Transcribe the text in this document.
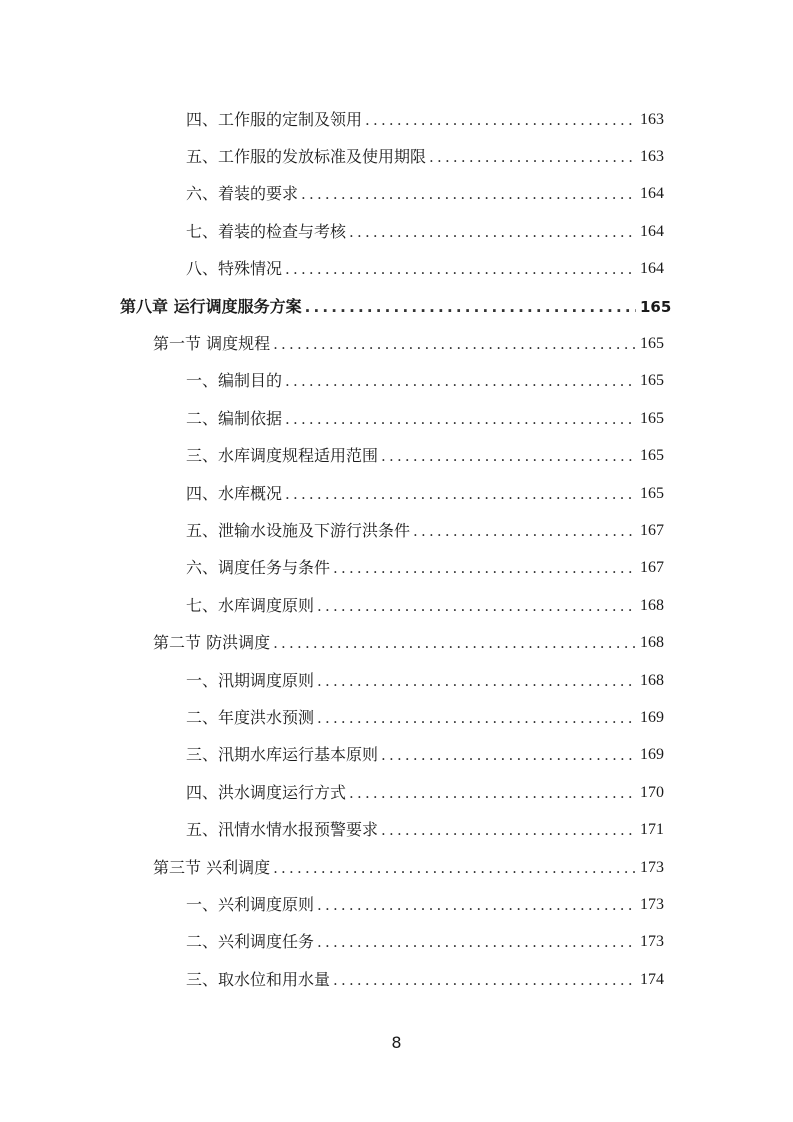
四、工作服的定制及领用 .....	163
五、工作服的发放标准及使用期限 .....	163
六、着装的要求 .....	164
七、着装的检查与考核 .....	164
八、特殊情况 .....	164
第八章 运行调度服务方案 .....	165
第一节 调度规程 .....	165
一、编制目的 .....	165
二、编制依据 .....	165
三、水库调度规程适用范围 .....	165
四、水库概况 .....	165
五、泄输水设施及下游行洪条件 .....	167
六、调度任务与条件 .....	167
七、水库调度原则 .....	168
第二节 防洪调度 .....	168
一、汛期调度原则 .....	168
二、年度洪水预测 .....	169
三、汛期水库运行基本原则 .....	169
四、洪水调度运行方式 .....	170
五、汛情水情水报预警要求 .....	171
第三节 兴利调度 .....	173
一、兴利调度原则 .....	173
二、兴利调度任务 .....	173
三、取水位和用水量 .....	174
8
